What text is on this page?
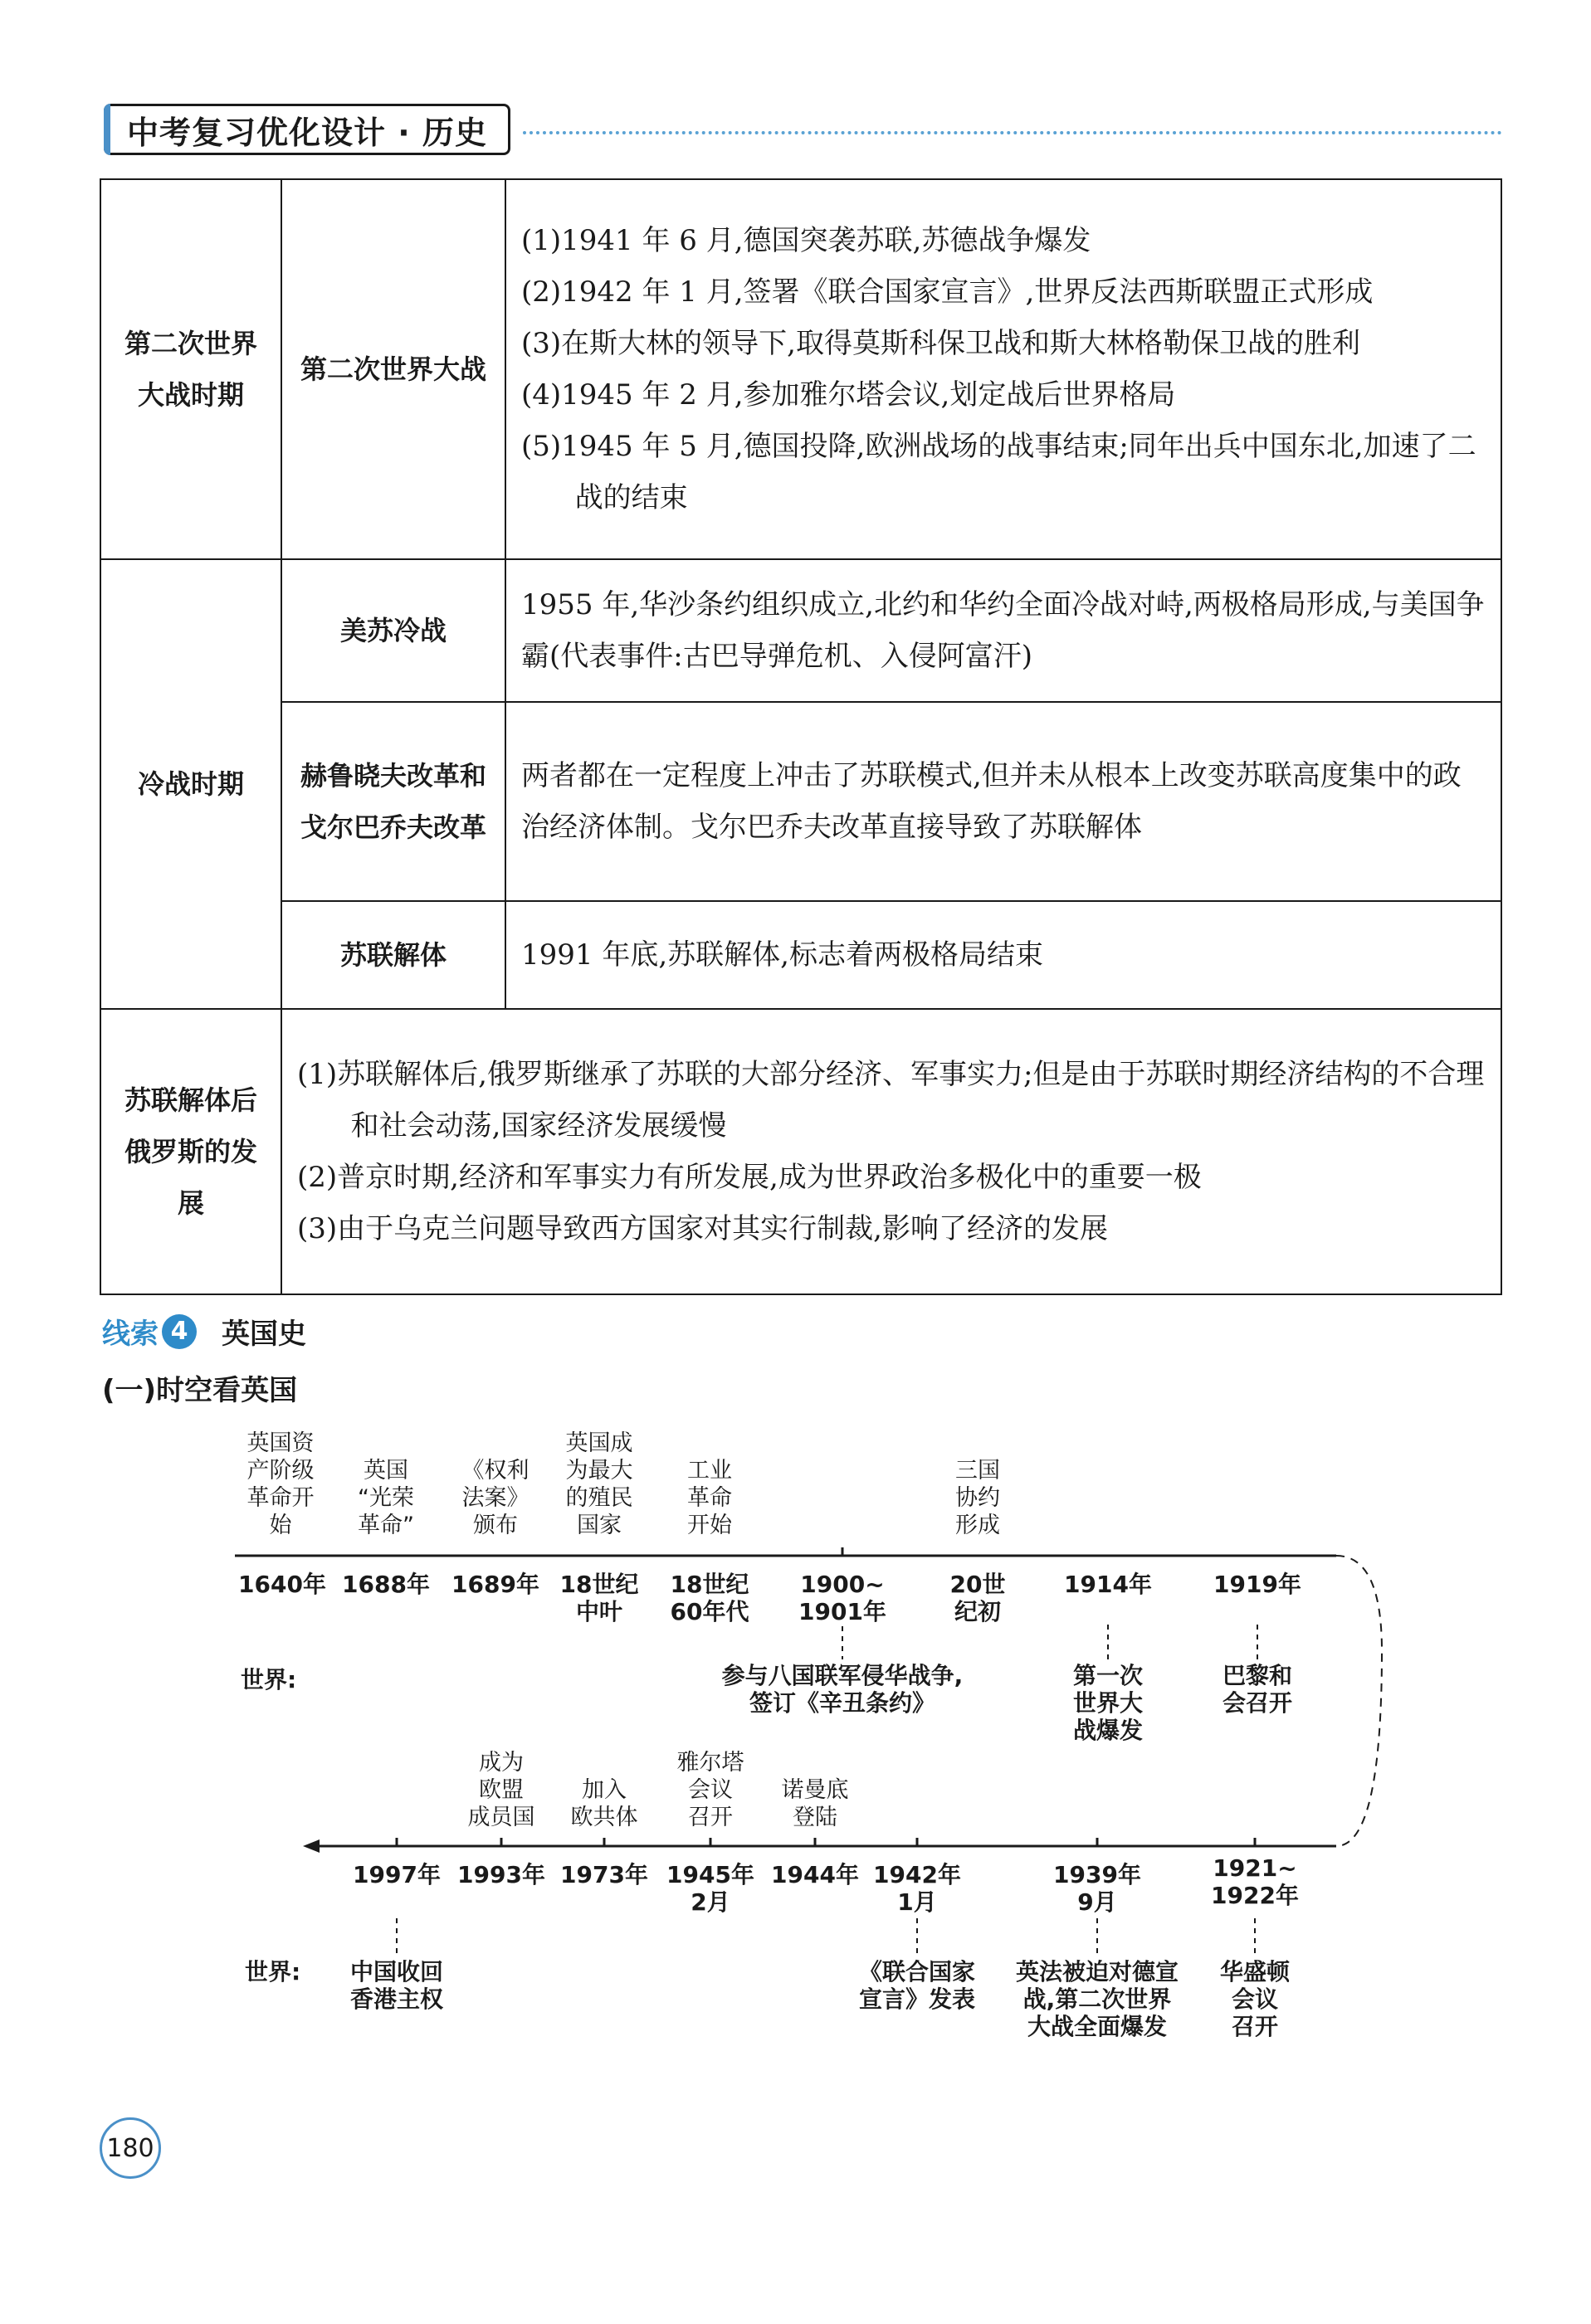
中考复习优化设计 · 历史
第二次世界大战时期	第二次世界大战	(1)1941 年 6 月,德国突袭苏联,苏德战争爆发

(2)1942 年 1 月,签署《联合国家宣言》,世界反法西斯联盟正式形成

(3)在斯大林的领导下,取得莫斯科保卫战和斯大林格勒保卫战的胜利

(4)1945 年 2 月,参加雅尔塔会议,划定战后世界格局

(5)1945 年 5 月,德国投降,欧洲战场的战事结束;同年出兵中国东北,加速了二战的结束

冷战时期	美苏冷战	1955 年,华沙条约组织成立,北约和华约全面冷战对峙,两极格局形成,与美国争霸(代表事件:古巴导弹危机、入侵阿富汗)
	赫鲁晓夫改革和戈尔巴乔夫改革	两者都在一定程度上冲击了苏联模式,但并未从根本上改变苏联高度集中的政治经济体制。戈尔巴乔夫改革直接导致了苏联解体
	苏联解体	1991 年底,苏联解体,标志着两极格局结束
苏联解体后俄罗斯的发展	(1)苏联解体后,俄罗斯继承了苏联的大部分经济、军事实力;但是由于苏联时期经济结构的不合理和社会动荡,国家经济发展缓慢

(2)普京时期,经济和军事实力有所发展,成为世界政治多极化中的重要一极

(3)由于乌克兰问题导致西方国家对其实行制裁,影响了经济的发展	

线索 4	英国史
(一)时空看英国
世界:
世界:
英国资
产阶级
革命开
始
英国
“光荣
革命”
《权利
法案》
颁布
英国成
为最大
的殖民
国家
工业
革命
开始
三国
协约
形成
1640年 1688年 1689年 18世纪
中叶
18世纪
60年代
1900~
1901年
20世
纪初
1914年	1919年
参与八国联军侵华战争,
签订《辛丑条约》
第一次
世界大
战爆发
巴黎和
会召开
成为
欧盟
成员国
加入
欧共体
雅尔塔
会议
召开
诺曼底
登陆
1997年 1993年 1973年 1945年
2月
1944年 1942年
1月
1939年
9月
1921~
1922年
中国收回
香港主权
《联合国家
宣言》发表
英法被迫对德宣
战,第二次世界
大战全面爆发
华盛顿
会议
召开
180
